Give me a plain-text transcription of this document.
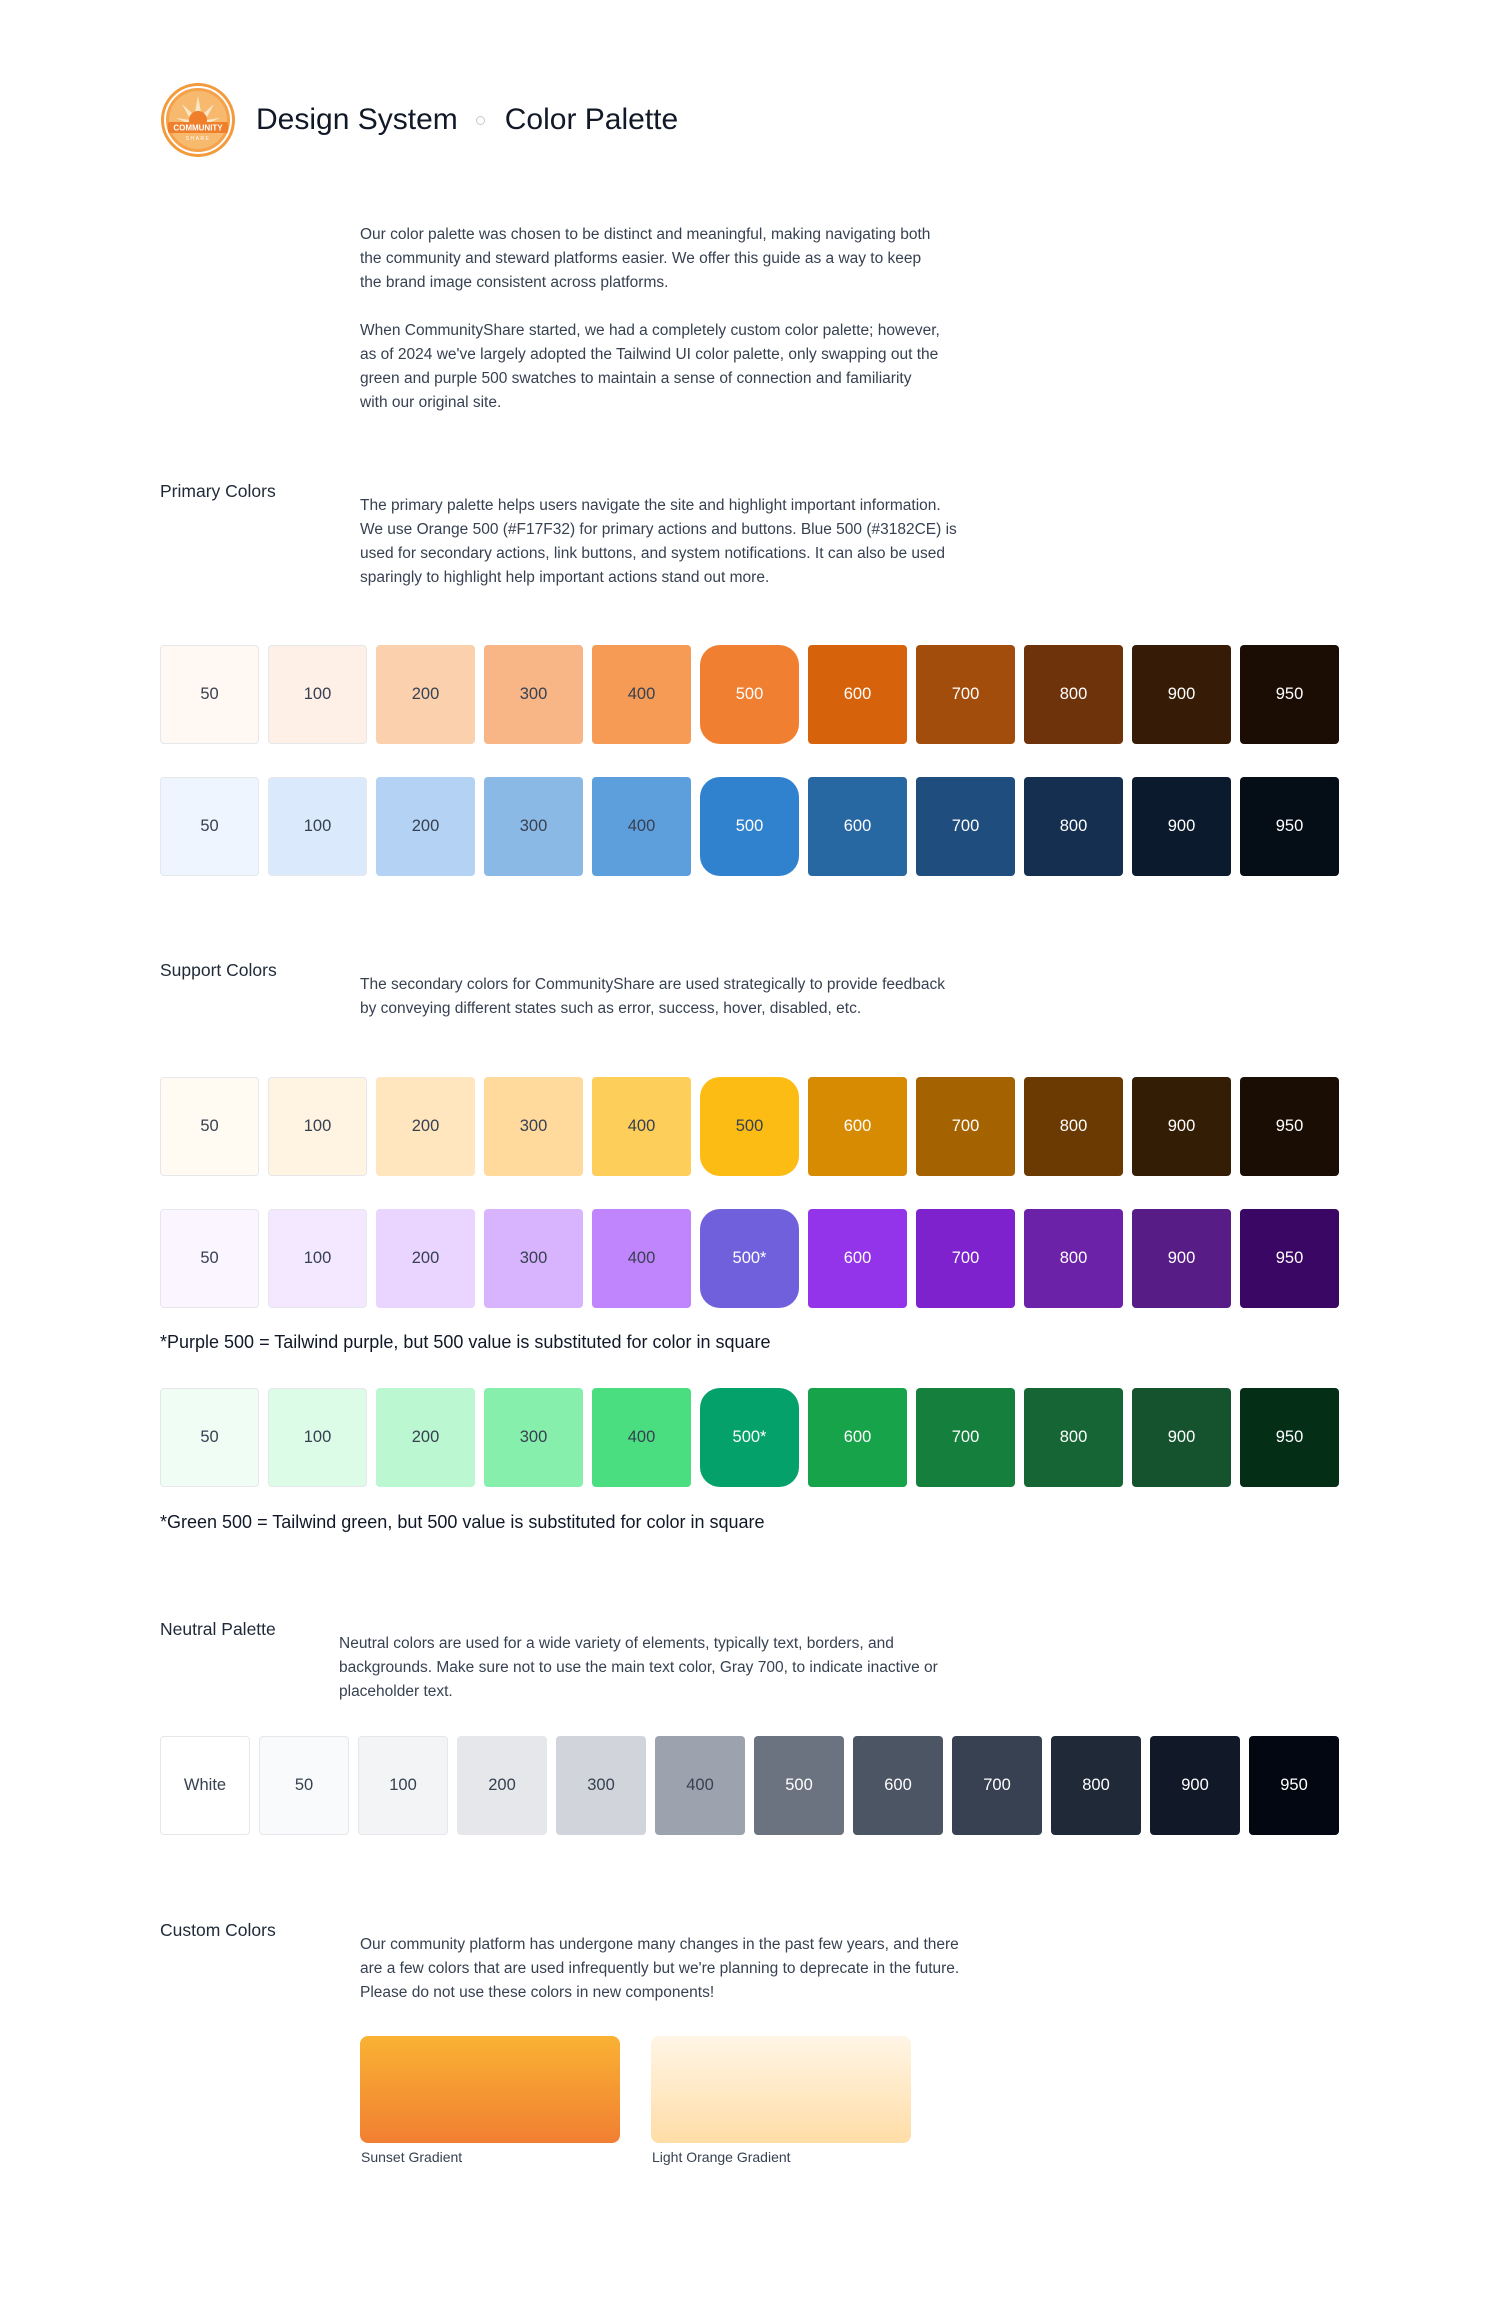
COMMUNITY
SHARE
Design System Color Palette

Our color palette was chosen to be distinct and meaningful, making navigating both the community and steward platforms easier. We offer this guide as a way to keep the brand image consistent across platforms.

When CommunityShare started, we had a completely custom color palette; however, as of 2024 we've largely adopted the Tailwind UI color palette, only swapping out the green and purple 500 swatches to maintain a sense of connection and familiarity with our original site.

Primary Colors
The primary palette helps users navigate the site and highlight important information. We use Orange 500 (#F17F32) for primary actions and buttons. Blue 500 (#3182CE) is used for secondary actions, link buttons, and system notifications. It can also be used sparingly to highlight help important actions stand out more.
50	100	200	300	400	500	600	700	800	900	950
50	100	200	300	400	500	600	700	800	900	950
Support Colors
The secondary colors for CommunityShare are used strategically to provide feedback by conveying different states such as error, success, hover, disabled, etc.
50	100	200	300	400	500	600	700	800	900	950
50	100	200	300	400	500*	600	700	800	900	950
*Purple 500 = Tailwind purple, but 500 value is substituted for color in square
50	100	200	300	400	500*	600	700	800	900	950
*Green 500 = Tailwind green, but 500 value is substituted for color in square
Neutral Palette
Neutral colors are used for a wide variety of elements, typically text, borders, and backgrounds. Make sure not to use the main text color, Gray 700, to indicate inactive or placeholder text.
White	50	100	200	300	400	500	600	700	800	900	950
Custom Colors
Our community platform has undergone many changes in the past few years, and there are a few colors that are used infrequently but we're planning to deprecate in the future. Please do not use these colors in new components!
Sunset Gradient	Light Orange Gradient
